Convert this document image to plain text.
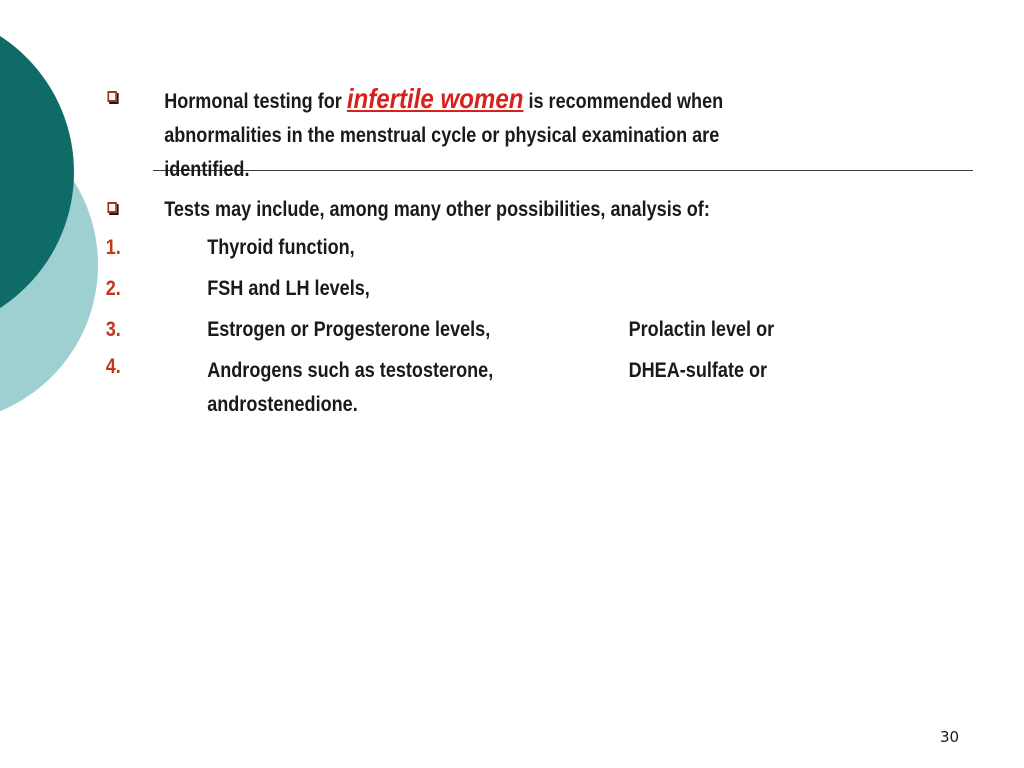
Hormonal testing for infertile women is recommended when abnormalities in the menstrual cycle or physical examination are identified.
Tests may include, among many other possibilities, analysis of:
1.	Thyroid function,
2.	FSH and LH levels,
3.	Estrogen or Progesterone levels,	Prolactin level or
4.	Androgens such as testosterone,	DHEA-sulfate or

androstenedione.
30
